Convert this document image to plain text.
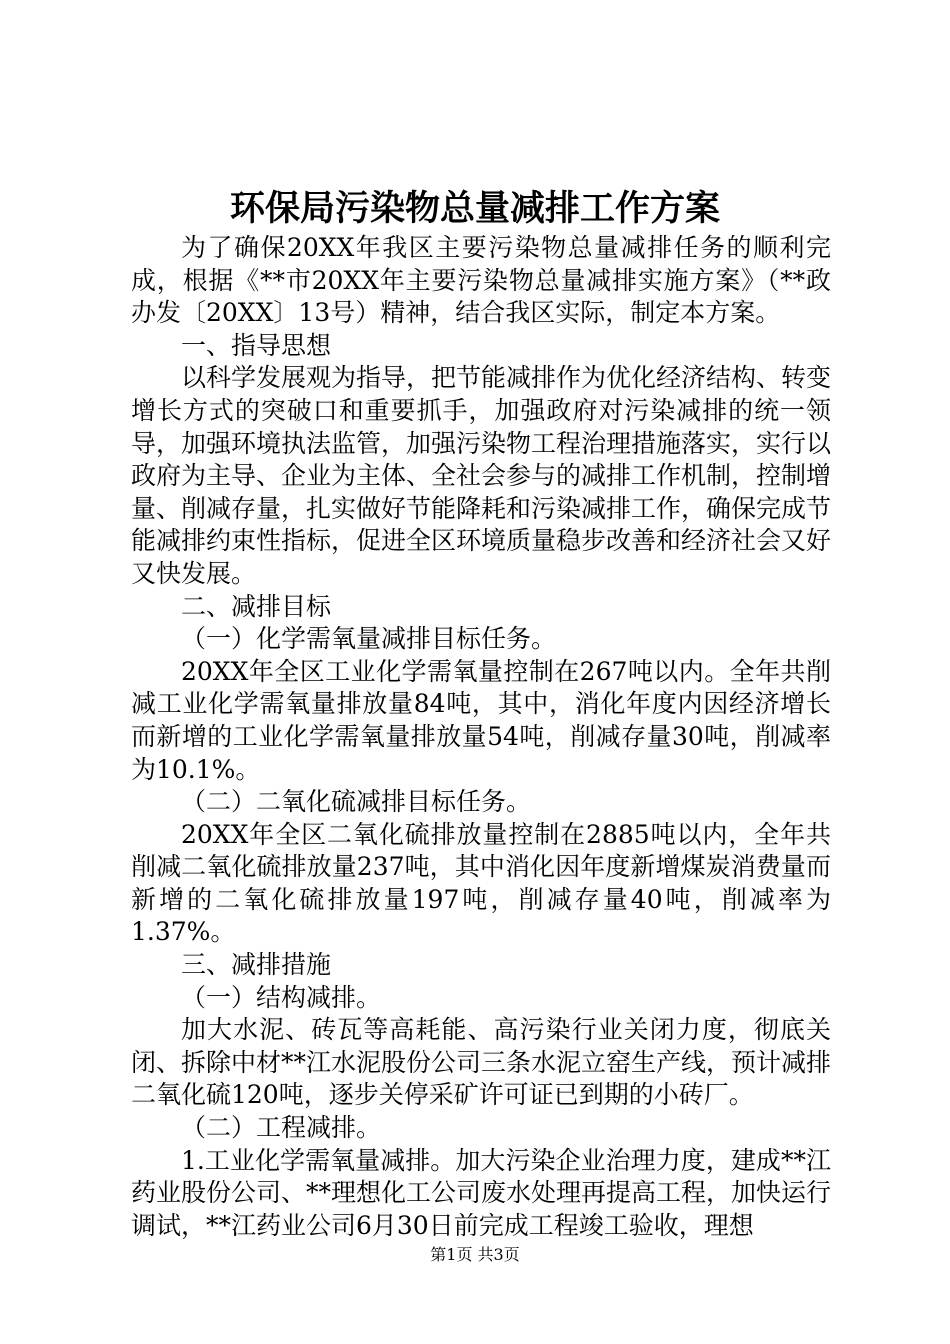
环保局污染物总量减排工作方案

为了确保20XX年我区主要污染物总量减排任务的顺利完成，根据《**市20XX年主要污染物总量减排实施方案》（**政办发〔20XX〕13号）精神，结合我区实际，制定本方案。

一、指导思想

以科学发展观为指导，把节能减排作为优化经济结构、转变增长方式的突破口和重要抓手，加强政府对污染减排的统一领导，加强环境执法监管，加强污染物工程治理措施落实，实行以政府为主导、企业为主体、全社会参与的减排工作机制，控制增量、削减存量，扎实做好节能降耗和污染减排工作，确保完成节能减排约束性指标，促进全区环境质量稳步改善和经济社会又好又快发展。

二、减排目标

（一）化学需氧量减排目标任务。

20XX年全区工业化学需氧量控制在267吨以内。全年共削减工业化学需氧量排放量84吨，其中，消化年度内因经济增长而新增的工业化学需氧量排放量54吨，削减存量30吨，削减率为10.1%。

（二）二氧化硫减排目标任务。

20XX年全区二氧化硫排放量控制在2885吨以内，全年共削减二氧化硫排放量237吨，其中消化因年度新增煤炭消费量而新增的二氧化硫排放量197吨，削减存量40吨，削减率为1.37%。

三、减排措施

（一）结构减排。

加大水泥、砖瓦等高耗能、高污染行业关闭力度，彻底关闭、拆除中材**江水泥股份公司三条水泥立窑生产线，预计减排二氧化硫120吨，逐步关停采矿许可证已到期的小砖厂。

（二）工程减排。

1.工业化学需氧量减排。加大污染企业治理力度，建成**江药业股份公司、**理想化工公司废水处理再提高工程，加快运行调试，**江药业公司6月30日前完成工程竣工验收，理想

第1页 共3页
